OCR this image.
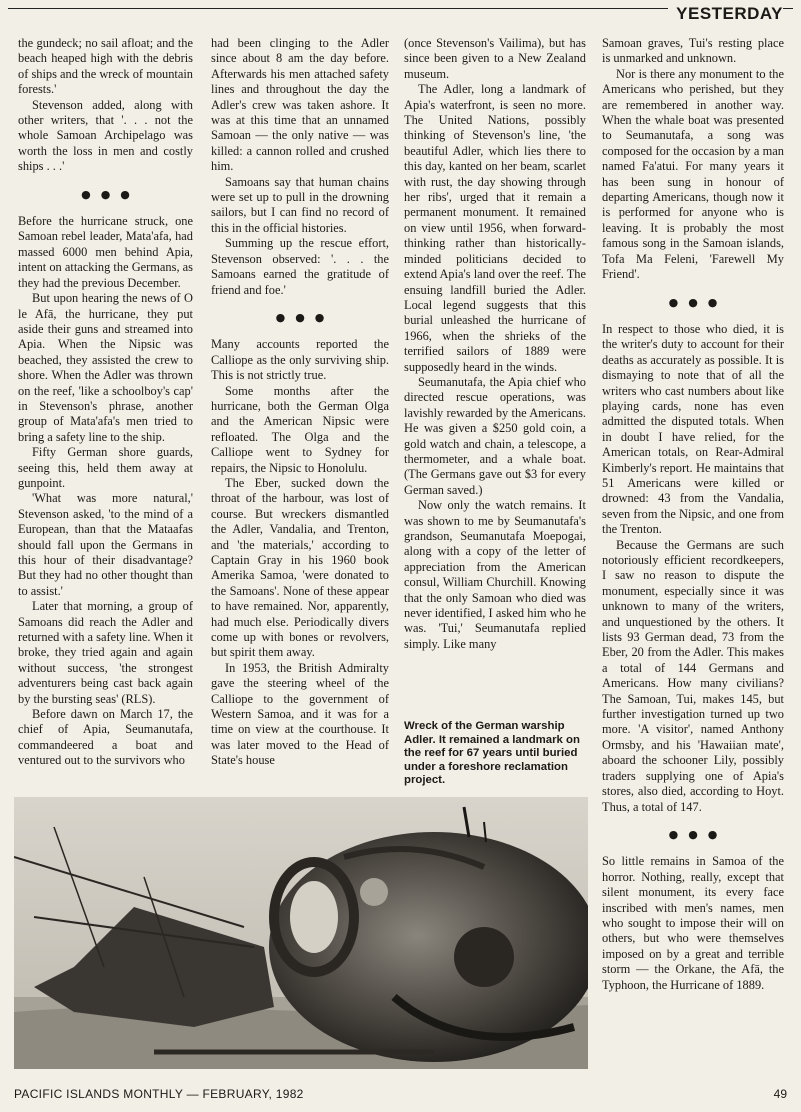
YESTERDAY

the gundeck; no sail afloat; and the beach heaped high with the debris of ships and the wreck of mountain forests.'

Stevenson added, along with other writers, that '. . . not the whole Samoan Archipelago was worth the loss in men and costly ships . . .'

●●●

Before the hurricane struck, one Samoan rebel leader, Mata'afa, had massed 6000 men behind Apia, intent on attacking the Germans, as they had the previous December.

But upon hearing the news of O le Afā, the hurricane, they put aside their guns and streamed into Apia. When the Nipsic was beached, they assisted the crew to shore. When the Adler was thrown on the reef, 'like a schoolboy's cap' in Stevenson's phrase, another group of Mata'afa's men tried to bring a safety line to the ship.

Fifty German shore guards, seeing this, held them away at gunpoint.

'What was more natural,' Stevenson asked, 'to the mind of a European, than that the Mataafas should fall upon the Germans in this hour of their disadvantage? But they had no other thought than to assist.'

Later that morning, a group of Samoans did reach the Adler and returned with a safety line. When it broke, they tried again and again without success, 'the strongest adventurers being cast back again by the bursting seas' (RLS).

Before dawn on March 17, the chief of Apia, Seumanutafa, commandeered a boat and ventured out to the survivors who

had been clinging to the Adler since about 8 am the day before. Afterwards his men attached safety lines and throughout the day the Adler's crew was taken ashore. It was at this time that an unnamed Samoan — the only native — was killed: a cannon rolled and crushed him.

Samoans say that human chains were set up to pull in the drowning sailors, but I can find no record of this in the official histories.

Summing up the rescue effort, Stevenson observed: '. . . the Samoans earned the gratitude of friend and foe.'

●●●

Many accounts reported the Calliope as the only surviving ship. This is not strictly true.

Some months after the hurricane, both the German Olga and the American Nipsic were refloated. The Olga and the Calliope went to Sydney for repairs, the Nipsic to Honolulu.

The Eber, sucked down the throat of the harbour, was lost of course. But wreckers dismantled the Adler, Vandalia, and Trenton, and 'the materials,' according to Captain Gray in his 1960 book Amerika Samoa, 'were donated to the Samoans'. None of these appear to have remained. Nor, apparently, had much else. Periodically divers come up with bones or revolvers, but spirit them away.

In 1953, the British Admiralty gave the steering wheel of the Calliope to the government of Western Samoa, and it was for a time on view at the courthouse. It was later moved to the Head of State's house

(once Stevenson's Vailima), but has since been given to a New Zealand museum.

The Adler, long a landmark of Apia's waterfront, is seen no more. The United Nations, possibly thinking of Stevenson's line, 'the beautiful Adler, which lies there to this day, kanted on her beam, scarlet with rust, the day showing through her ribs', urged that it remain a permanent monument. It remained on view until 1956, when forward-thinking rather than historically-minded politicians decided to extend Apia's land over the reef. The ensuing landfill buried the Adler. Local legend suggests that this burial unleashed the hurricane of 1966, when the shrieks of the terrified sailors of 1889 were supposedly heard in the winds.

Seumanutafa, the Apia chief who directed rescue operations, was lavishly rewarded by the Americans. He was given a $250 gold coin, a gold watch and chain, a telescope, a thermometer, and a whale boat. (The Germans gave out $3 for every German saved.)

Now only the watch remains. It was shown to me by Seumanutafa's grandson, Seumanutafa Moepogai, along with a copy of the letter of appreciation from the American consul, William Churchill. Knowing that the only Samoan who died was never identified, I asked him who he was. 'Tui,' Seumanutafa replied simply. Like many

Wreck of the German warship Adler. It remained a landmark on the reef for 67 years until buried under a foreshore reclamation project.

Samoan graves, Tui's resting place is unmarked and unknown.

Nor is there any monument to the Americans who perished, but they are remembered in another way. When the whale boat was presented to Seumanutafa, a song was composed for the occasion by a man named Fa'atui. For many years it has been sung in honour of departing Americans, though now it is performed for anyone who is leaving. It is probably the most famous song in the Samoan islands, Tofa Ma Feleni, 'Farewell My Friend'.

●●●

In respect to those who died, it is the writer's duty to account for their deaths as accurately as possible. It is dismaying to note that of all the writers who cast numbers about like playing cards, none has even admitted the disputed totals. When in doubt I have relied, for the American totals, on Rear-Admiral Kimberly's report. He maintains that 51 Americans were killed or drowned: 43 from the Vandalia, seven from the Nipsic, and one from the Trenton.

Because the Germans are such notoriously efficient recordkeepers, I saw no reason to dispute the monument, especially since it was unknown to many of the writers, and unquestioned by the others. It lists 93 German dead, 73 from the Eber, 20 from the Adler. This makes a total of 144 Germans and Americans. How many civilians? The Samoan, Tui, makes 145, but further investigation turned up two more. 'A visitor', named Anthony Ormsby, and his 'Hawaiian mate', aboard the schooner Lily, possibly traders supplying one of Apia's stores, also died, according to Hoyt. Thus, a total of 147.

●●●

So little remains in Samoa of the horror. Nothing, really, except that silent monument, its every face inscribed with men's names, men who sought to impose their will on others, but who were themselves imposed on by a great and terrible storm — the Orkane, the Afā, the Typhoon, the Hurricane of 1889.

PACIFIC ISLANDS MONTHLY — FEBRUARY, 1982	49
